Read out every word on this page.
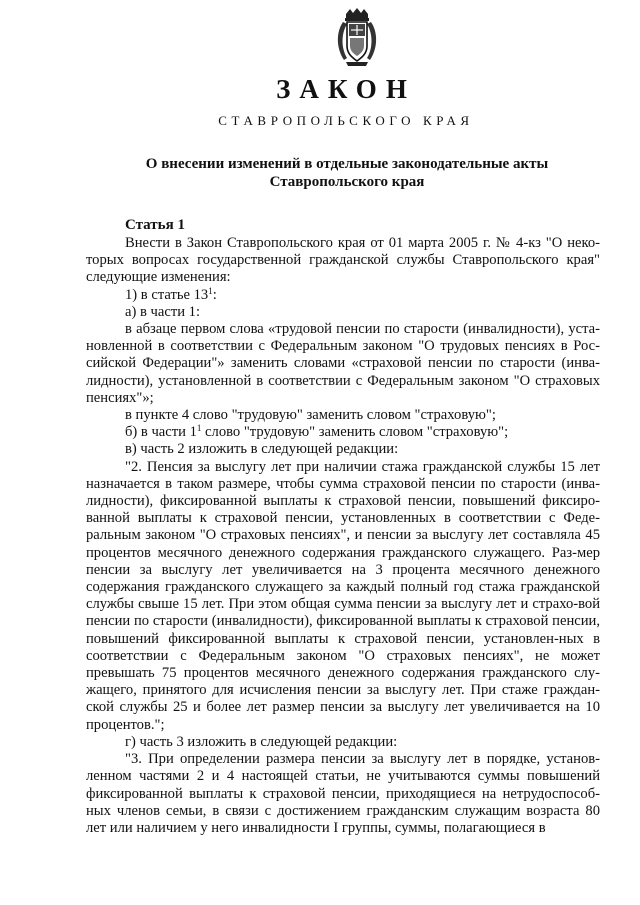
ЗАКОН
СТАВРОПОЛЬСКОГО КРАЯ
О внесении изменений в отдельные законодательные акты
Ставропольского края
Статья 1

Внести в Закон Ставропольского края от 01 марта 2005 г. № 4-кз "О неко-торых вопросах государственной гражданской службы Ставропольского края" следующие изменения:

1) в статье $13^1$:

а) в части 1:

в абзаце первом слова «трудовой пенсии по старости (инвалидности), уста-новленной в соответствии с Федеральным законом "О трудовых пенсиях в Рос-сийской Федерации"» заменить словами «страховой пенсии по старости (инва-лидности), установленной в соответствии с Федеральным законом "О страховых пенсиях"»;

в пункте 4 слово "трудовую" заменить словом "страховую";

б) в части $1^1$ слово "трудовую" заменить словом "страховую";

в) часть 2 изложить в следующей редакции:

"2. Пенсия за выслугу лет при наличии стажа гражданской службы 15 лет назначается в таком размере, чтобы сумма страховой пенсии по старости (инва-лидности), фиксированной выплаты к страховой пенсии, повышений фиксиро-ванной выплаты к страховой пенсии, установленных в соответствии с Феде-ральным законом "О страховых пенсиях", и пенсии за выслугу лет составляла 45 процентов месячного денежного содержания гражданского служащего. Раз-мер пенсии за выслугу лет увеличивается на 3 процента месячного денежного содержания гражданского служащего за каждый полный год стажа гражданской службы свыше 15 лет. При этом общая сумма пенсии за выслугу лет и страхо-вой пенсии по старости (инвалидности), фиксированной выплаты к страховой пенсии, повышений фиксированной выплаты к страховой пенсии, установлен-ных в соответствии с Федеральным законом "О страховых пенсиях", не может превышать 75 процентов месячного денежного содержания гражданского слу-жащего, принятого для исчисления пенсии за выслугу лет. При стаже граждан-ской службы 25 и более лет размер пенсии за выслугу лет увеличивается на 10 процентов.";

г) часть 3 изложить в следующей редакции:

"3. При определении размера пенсии за выслугу лет в порядке, установ-ленном частями 2 и 4 настоящей статьи, не учитываются суммы повышений фиксированной выплаты к страховой пенсии, приходящиеся на нетрудоспособ-ных членов семьи, в связи с достижением гражданским служащим возраста 80 лет или наличием у него инвалидности I группы, суммы, полагающиеся в
